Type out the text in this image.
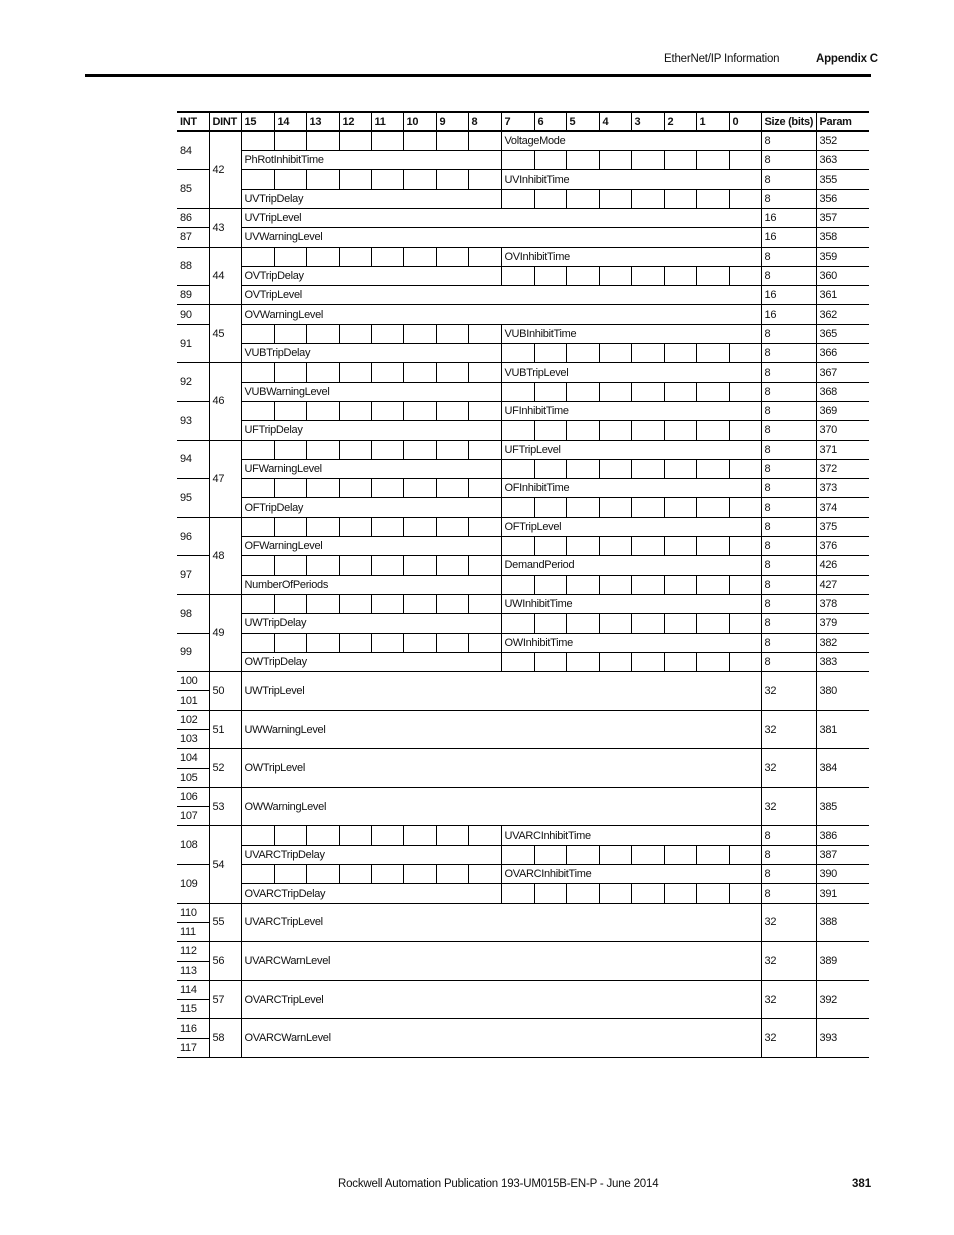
EtherNet/IP Information	Appendix C
INT	DINT	15	14	13	12	11	10	9	8	7	6	5	4	3	2	1	0	Size (bits)	Param
84	42									VoltageMode								8	352
		PhRotInhibitTime																8	363
85										UVInhibitTime								8	355
		UVTripDelay																8	356
86	43	UVTripLevel																16	357
87		UVWarningLevel																16	358
88	44									OVInhibitTime								8	359
		OVTripDelay																8	360
89		OVTripLevel																16	361
90	45	OVWarningLevel																16	362
91										VUBInhibitTime								8	365
		VUBTripDelay																8	366
92	46									VUBTripLevel								8	367
		VUBWarningLevel																8	368
93										UFInhibitTime								8	369
		UFTripDelay																8	370
94	47									UFTripLevel								8	371
		UFWarningLevel																8	372
95										OFInhibitTime								8	373
		OFTripDelay																8	374
96	48									OFTripLevel								8	375
		OFWarningLevel																8	376
97										DemandPeriod								8	426
		NumberOfPeriods																8	427
98	49									UWInhibitTime								8	378
		UWTripDelay																8	379
99										OWInhibitTime								8	382
		OWTripDelay																8	383
100	50	UWTripLevel																32	380
101																			
102	51	UWWarningLevel																32	381
103																			
104	52	OWTripLevel																32	384
105																			
106	53	OWWarningLevel																32	385
107																			
108	54									UVARCInhibitTime								8	386
		UVARCTripDelay																8	387
109										OVARCInhibitTime								8	390
		OVARCTripDelay																8	391
110	55	UVARCTripLevel																32	388
111																			
112	56	UVARCWarnLevel																32	389
113																			
114	57	OVARCTripLevel																32	392
115																			
116	58	OVARCWarnLevel																32	393
117																			
Rockwell Automation Publication 193-UM015B-EN-P - June 2014	381
